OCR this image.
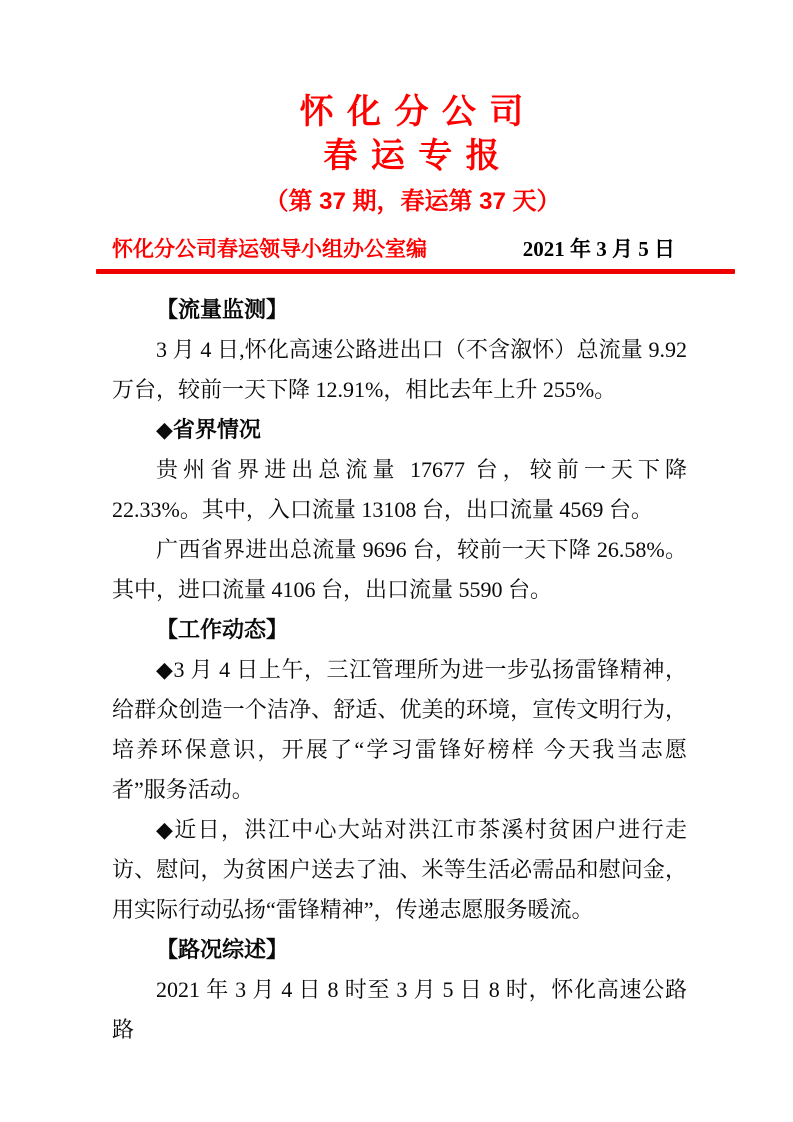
怀 化 分 公 司
春 运 专 报
（第 37 期，春运第 37 天）
怀化分公司春运领导小组办公室编	2021 年 3 月 5 日

【流量监测】

3 月 4 日,怀化高速公路进出口（不含溆怀）总流量 9.92 万台，较前一天下降 12.91%，相比去年上升 255%。

◆省界情况

贵州省界进出总流量 17677 台，较前一天下降 22.33%。其中，入口流量 13108 台，出口流量 4569 台。

广西省界进出总流量 9696 台，较前一天下降 26.58%。其中，进口流量 4106 台，出口流量 5590 台。

【工作动态】

◆3 月 4 日上午，三江管理所为进一步弘扬雷锋精神，给群众创造一个洁净、舒适、优美的环境，宣传文明行为，培养环保意识，开展了“学习雷锋好榜样 今天我当志愿者”服务活动。

◆近日，洪江中心大站对洪江市茶溪村贫困户进行走访、慰问，为贫困户送去了油、米等生活必需品和慰问金，用实际行动弘扬“雷锋精神”，传递志愿服务暖流。

【路况综述】

2021 年 3 月 4 日 8 时至 3 月 5 日 8 时，怀化高速公路路
